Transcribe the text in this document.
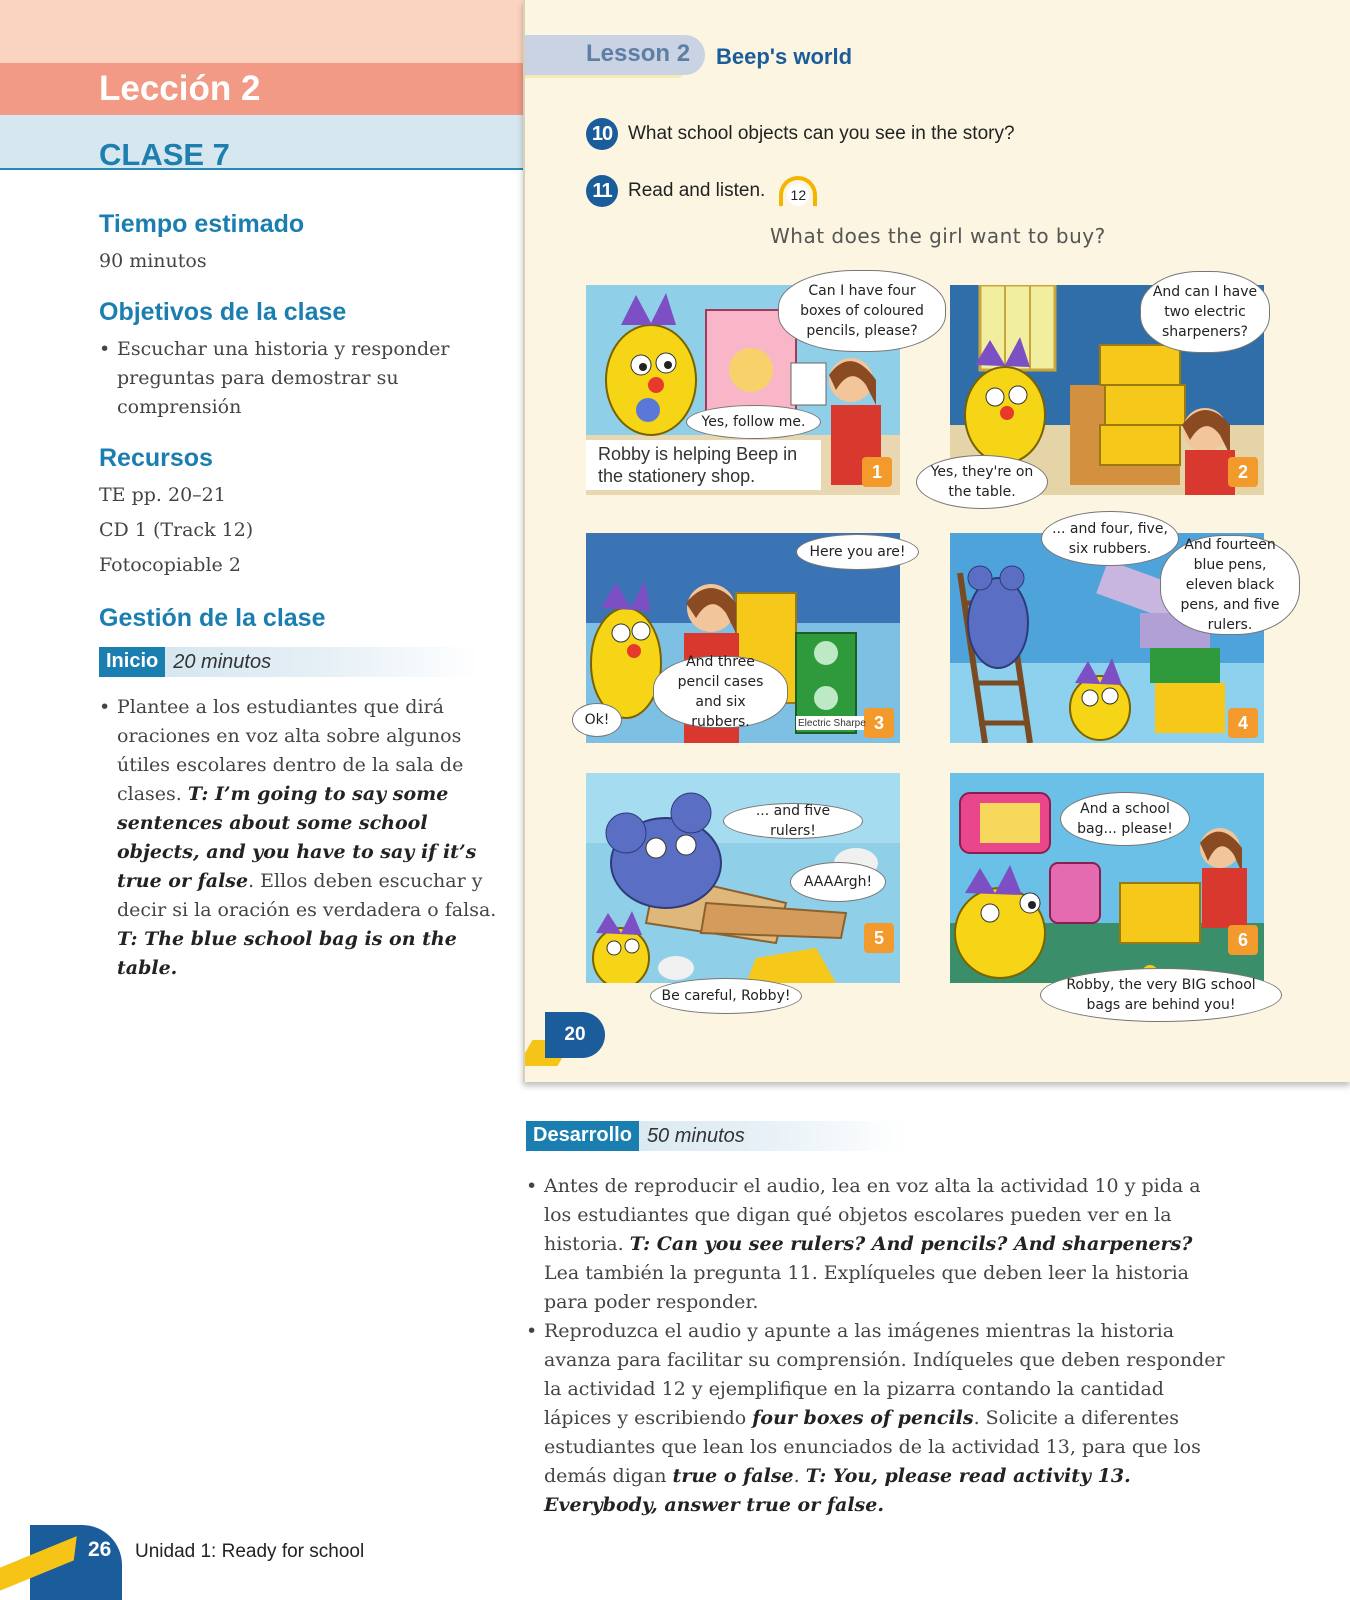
Lección 2
CLASE 7
Tiempo estimado
90 minutos
Objetivos de la clase
• Escuchar una historia y responder preguntas para demostrar su comprensión
Recursos
TE pp. 20–21
CD 1 (Track 12)
Fotocopiable 2
Gestión de la clase
Inicio 20 minutos
• Plantee a los estudiantes que dirá oraciones en voz alta sobre algunos útiles escolares dentro de la sala de clases. T: I’m going to say some sentences about some school objects, and you have to say if it’s true or false. Ellos deben escuchar y decir si la oración es verdadera o falsa. T: The blue school bag is on the table.
Lesson 2 Beep's world
10 What school objects can you see in the story?
11 Read and listen. 12
What does the girl want to buy?
Yes, follow me.
Robby is helping Beep in the stationery shop.	1
Can I have four boxes of coloured pencils, please?
2
And can I have two electric sharpeners?
Yes, they're on the table.
And three pencil cases and six rubbers.	Electric Sharpe 3
Here you are!
Ok!	4
... and four, five, six rubbers.	And fourteen blue pens, eleven black pens, and five rulers.
5
... and five rulers!
AAAArgh!
Be careful, Robby!
6
And a school bag... please!
Robby, the very BIG school bags are behind you!
20
Desarrollo 50 minutos
• Antes de reproducir el audio, lea en voz alta la actividad 10 y pida a los estudiantes que digan qué objetos escolares pueden ver en la historia. T: Can you see rulers? And pencils? And sharpeners? Lea también la pregunta 11. Explíqueles que deben leer la historia para poder responder.
• Reproduzca el audio y apunte a las imágenes mientras la historia avanza para facilitar su comprensión. Indíqueles que deben responder la actividad 12 y ejemplifique en la pizarra contando la cantidad lápices y escribiendo four boxes of pencils. Solicite a diferentes estudiantes que lean los enunciados de la actividad 13, para que los demás digan true o false. T: You, please read activity 13. Everybody, answer true or false.
26 Unidad 1: Ready for school
